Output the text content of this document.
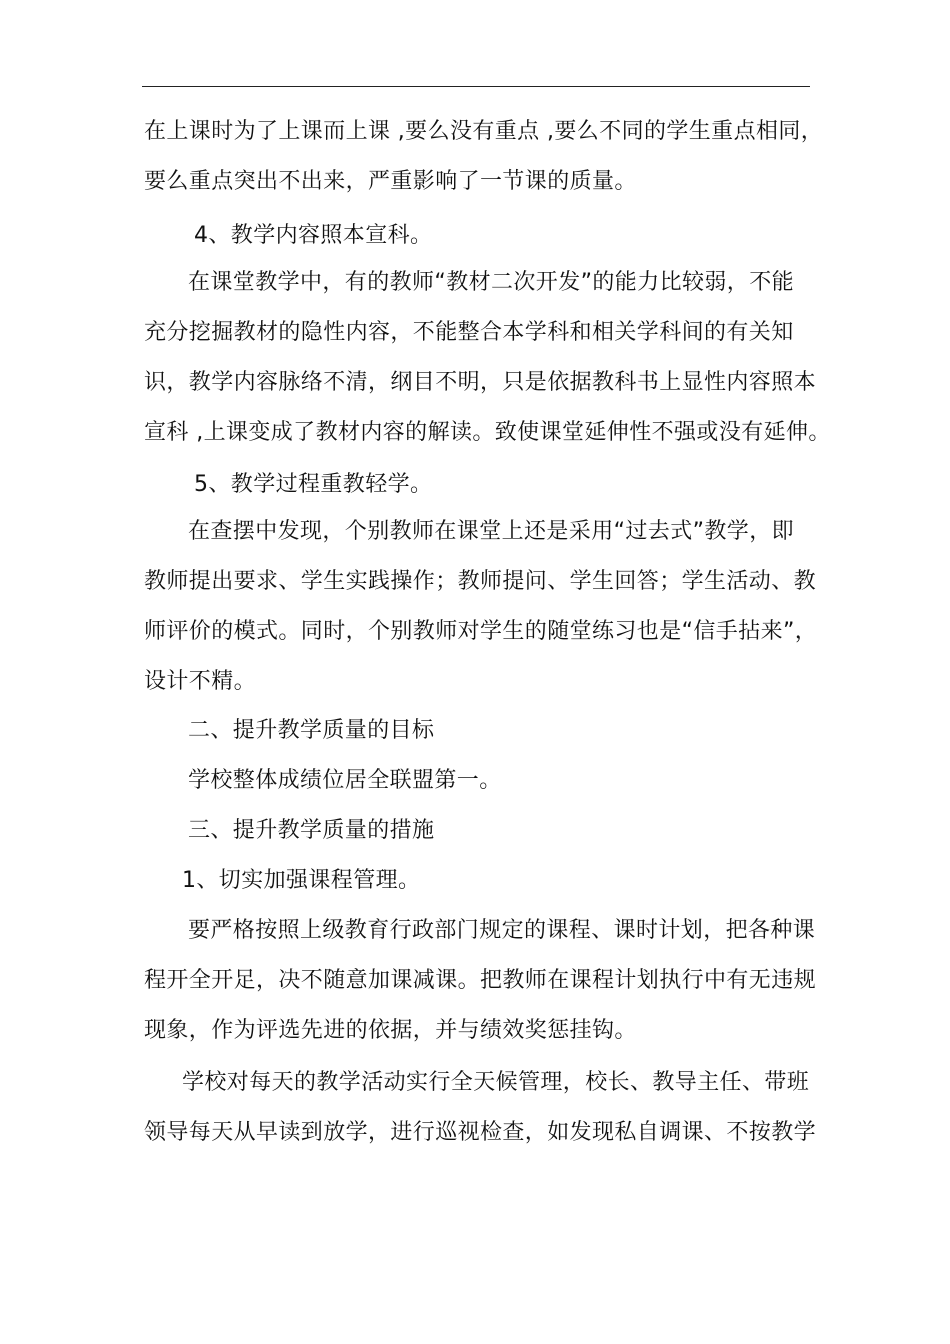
在上课时为了上课而上课 ,要么没有重点 ,要么不同的学生重点相同，
要么重点突出不出来，严重影响了一节课的质量。
4、教学内容照本宣科。
在课堂教学中，有的教师“教材二次开发”的能力比较弱，不能
充分挖掘教材的隐性内容，不能整合本学科和相关学科间的有关知
识，教学内容脉络不清，纲目不明，只是依据教科书上显性内容照本
宣科 ,上课变成了教材内容的解读。致使课堂延伸性不强或没有延伸。
5、教学过程重教轻学。
在查摆中发现，个别教师在课堂上还是采用“过去式”教学，即
教师提出要求、学生实践操作；教师提问、学生回答；学生活动、教
师评价的模式。同时，个别教师对学生的随堂练习也是“信手拈来”，
设计不精。
二、提升教学质量的目标
学校整体成绩位居全联盟第一。
三、提升教学质量的措施
1、切实加强课程管理。
要严格按照上级教育行政部门规定的课程、课时计划，把各种课
程开全开足，决不随意加课减课。把教师在课程计划执行中有无违规
现象，作为评选先进的依据，并与绩效奖惩挂钩。
学校对每天的教学活动实行全天候管理，校长、教导主任、带班
领导每天从早读到放学，进行巡视检查，如发现私自调课、不按教学
